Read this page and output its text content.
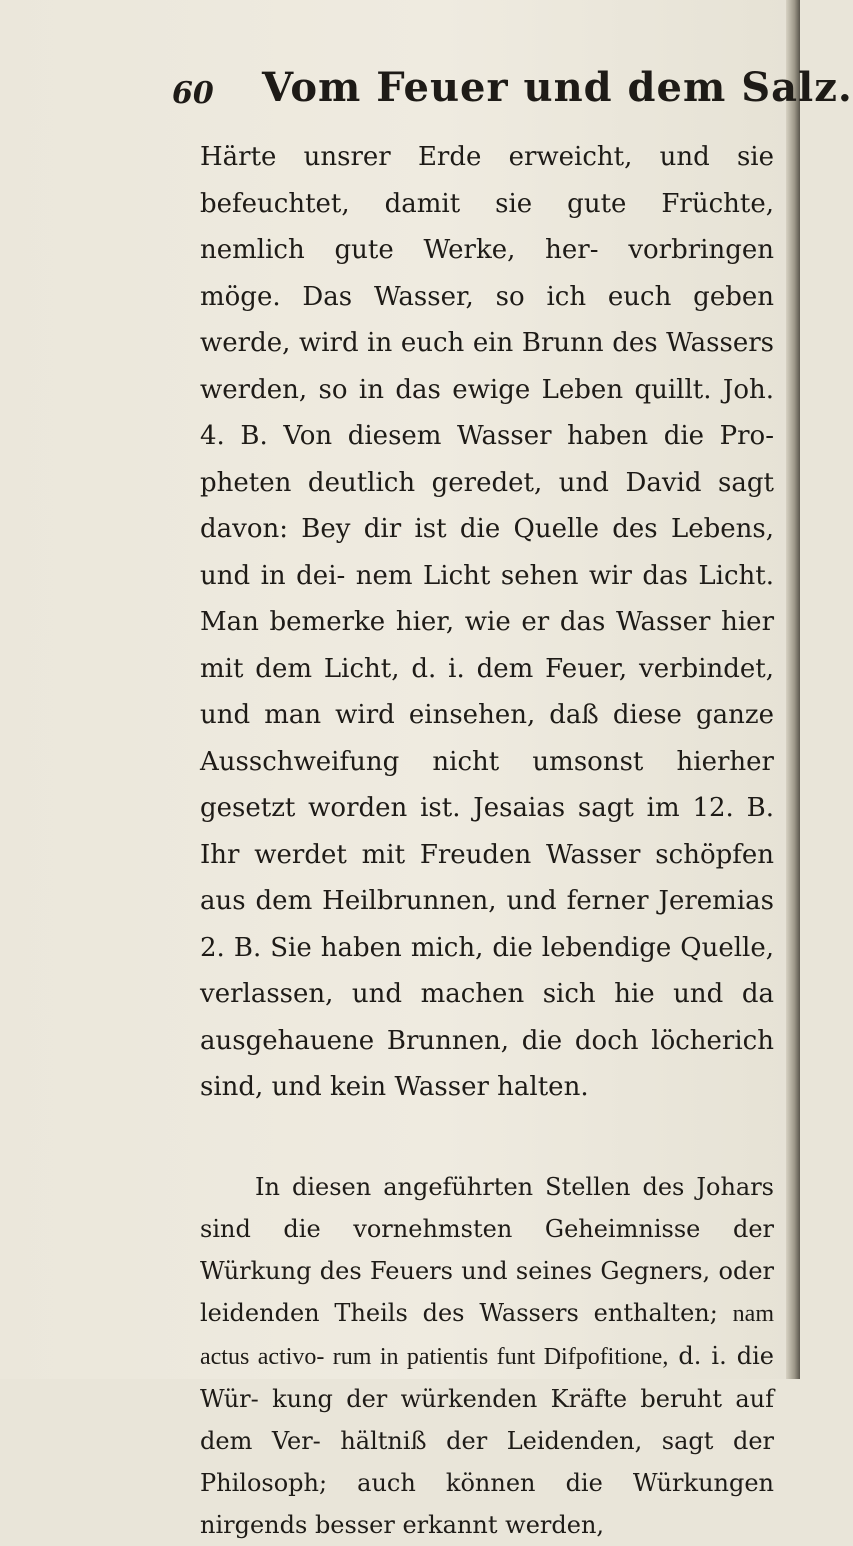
60 Vom Feuer und dem Salz.

Härte unsrer Erde erweicht, und sie befeuchtet, damit sie gute Früchte, nemlich gute Werke, her- vorbringen möge. Das Wasser, so ich euch geben werde, wird in euch ein Brunn des Wassers werden, so in das ewige Leben quillt. Joh. 4. B. Von diesem Wasser haben die Pro- pheten deutlich geredet, und David sagt davon: Bey dir ist die Quelle des Lebens, und in dei- nem Licht sehen wir das Licht. Man bemerke hier, wie er das Wasser hier mit dem Licht, d. i. dem Feuer, verbindet, und man wird einsehen, daß diese ganze Ausschweifung nicht umsonst hierher gesetzt worden ist. Jesaias sagt im 12. B. Ihr werdet mit Freuden Wasser schöpfen aus dem Heilbrunnen, und ferner Jeremias 2. B. Sie haben mich, die lebendige Quelle, verlassen, und machen sich hie und da ausgehauene Brunnen, die doch löcherich sind, und kein Wasser halten.

In diesen angeführten Stellen des Johars sind die vornehmsten Geheimnisse der Würkung des Feuers und seines Gegners, oder leidenden Theils des Wassers enthalten; nam actus activo- rum in patientis funt Difpofitione, d. i. die Wür- kung der würkenden Kräfte beruht auf dem Ver- hältniß der Leidenden, sagt der Philosoph; auch können die Würkungen nirgends besser erkannt werden,
